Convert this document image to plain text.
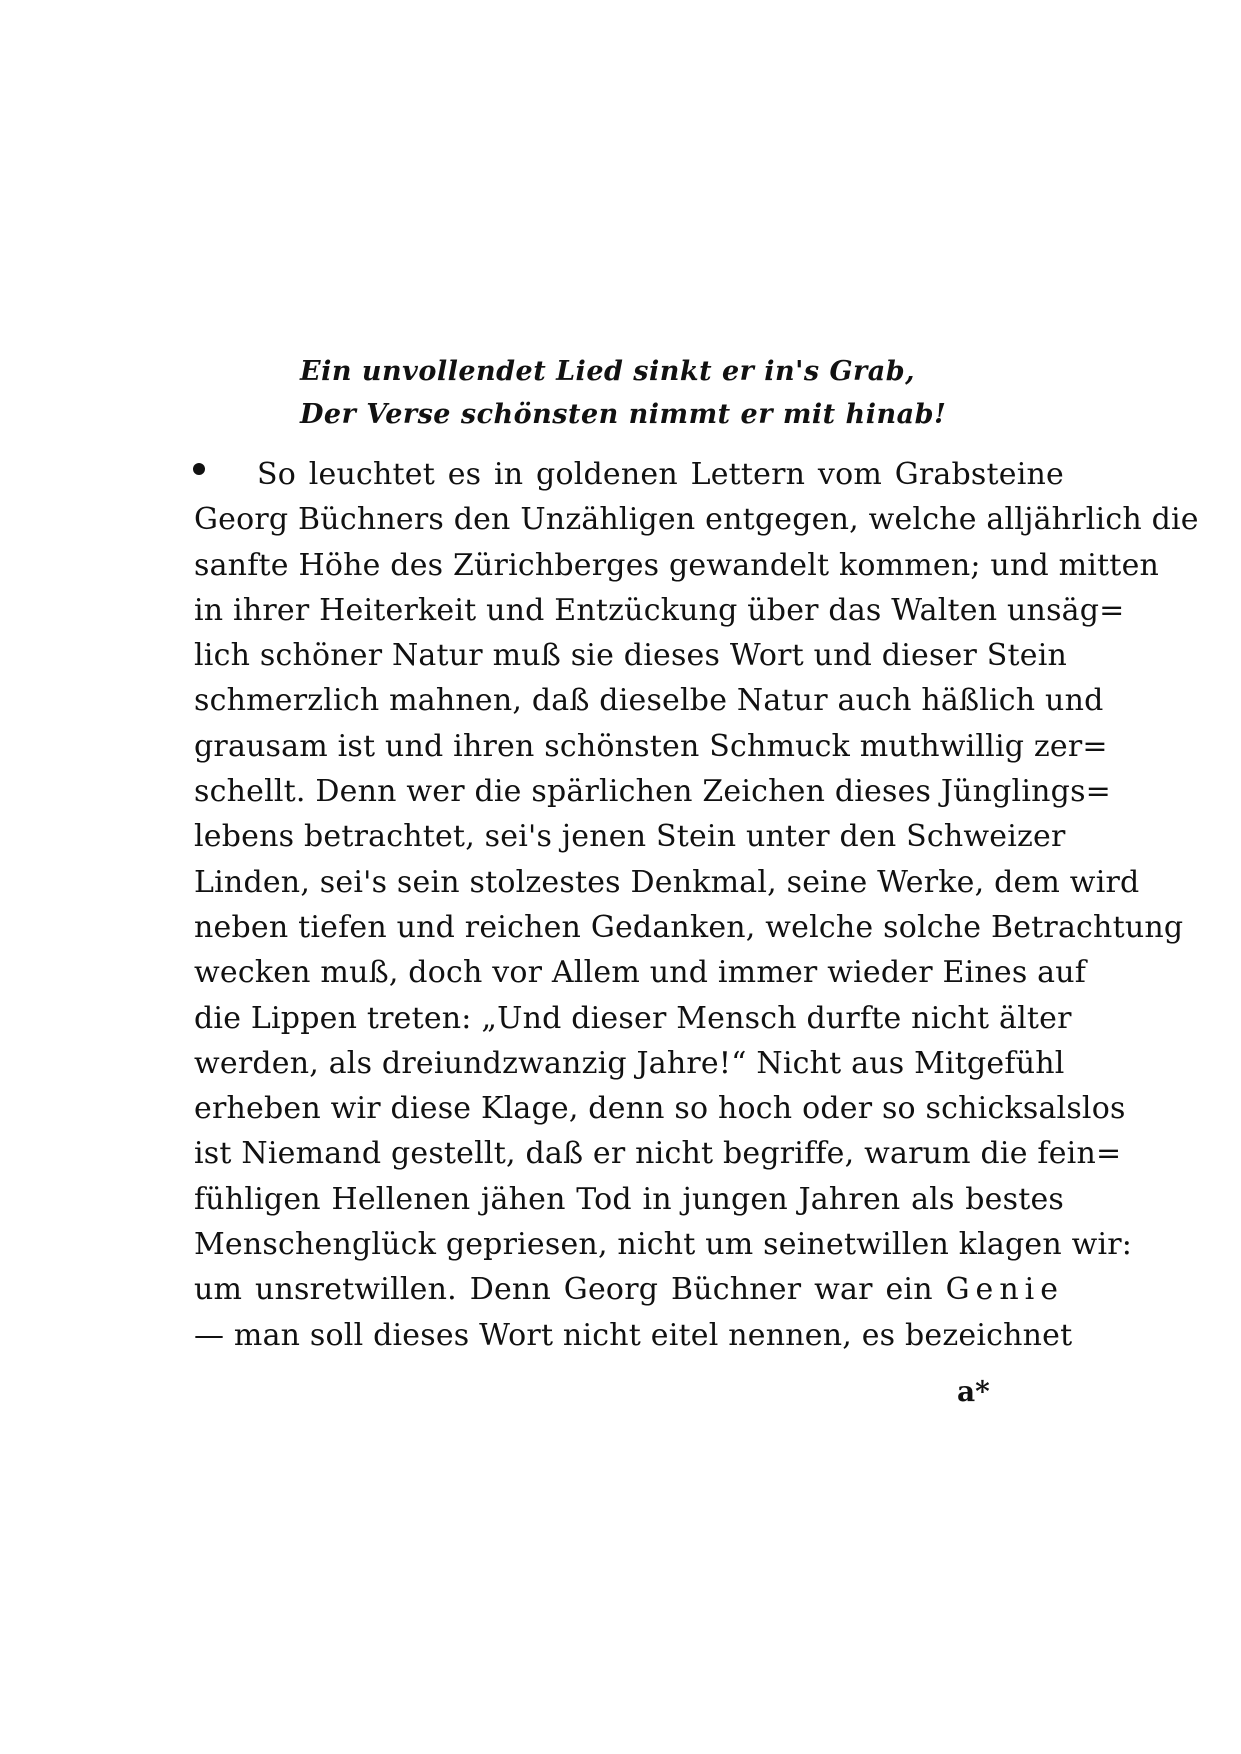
Ein unvollendet Lied sinkt er in's Grab,
Der Verse schönsten nimmt er mit hinab!
So leuchtet es in goldenen Lettern vom Grabsteine
Georg Büchners den Unzähligen entgegen, welche alljährlich die
sanfte Höhe des Zürichberges gewandelt kommen; und mitten
in ihrer Heiterkeit und Entzückung über das Walten unsäg=
lich schöner Natur muß sie dieses Wort und dieser Stein
schmerzlich mahnen, daß dieselbe Natur auch häßlich und
grausam ist und ihren schönsten Schmuck muthwillig zer=
schellt. Denn wer die spärlichen Zeichen dieses Jünglings=
lebens betrachtet, sei's jenen Stein unter den Schweizer
Linden, sei's sein stolzestes Denkmal, seine Werke, dem wird
neben tiefen und reichen Gedanken, welche solche Betrachtung
wecken muß, doch vor Allem und immer wieder Eines auf
die Lippen treten: „Und dieser Mensch durfte nicht älter
werden, als dreiundzwanzig Jahre!“ Nicht aus Mitgefühl
erheben wir diese Klage, denn so hoch oder so schicksalslos
ist Niemand gestellt, daß er nicht begriffe, warum die fein=
fühligen Hellenen jähen Tod in jungen Jahren als bestes
Menschenglück gepriesen, nicht um seinetwillen klagen wir:
um unsretwillen. Denn Georg Büchner war ein Genie
— man soll dieses Wort nicht eitel nennen, es bezeichnet
a*
